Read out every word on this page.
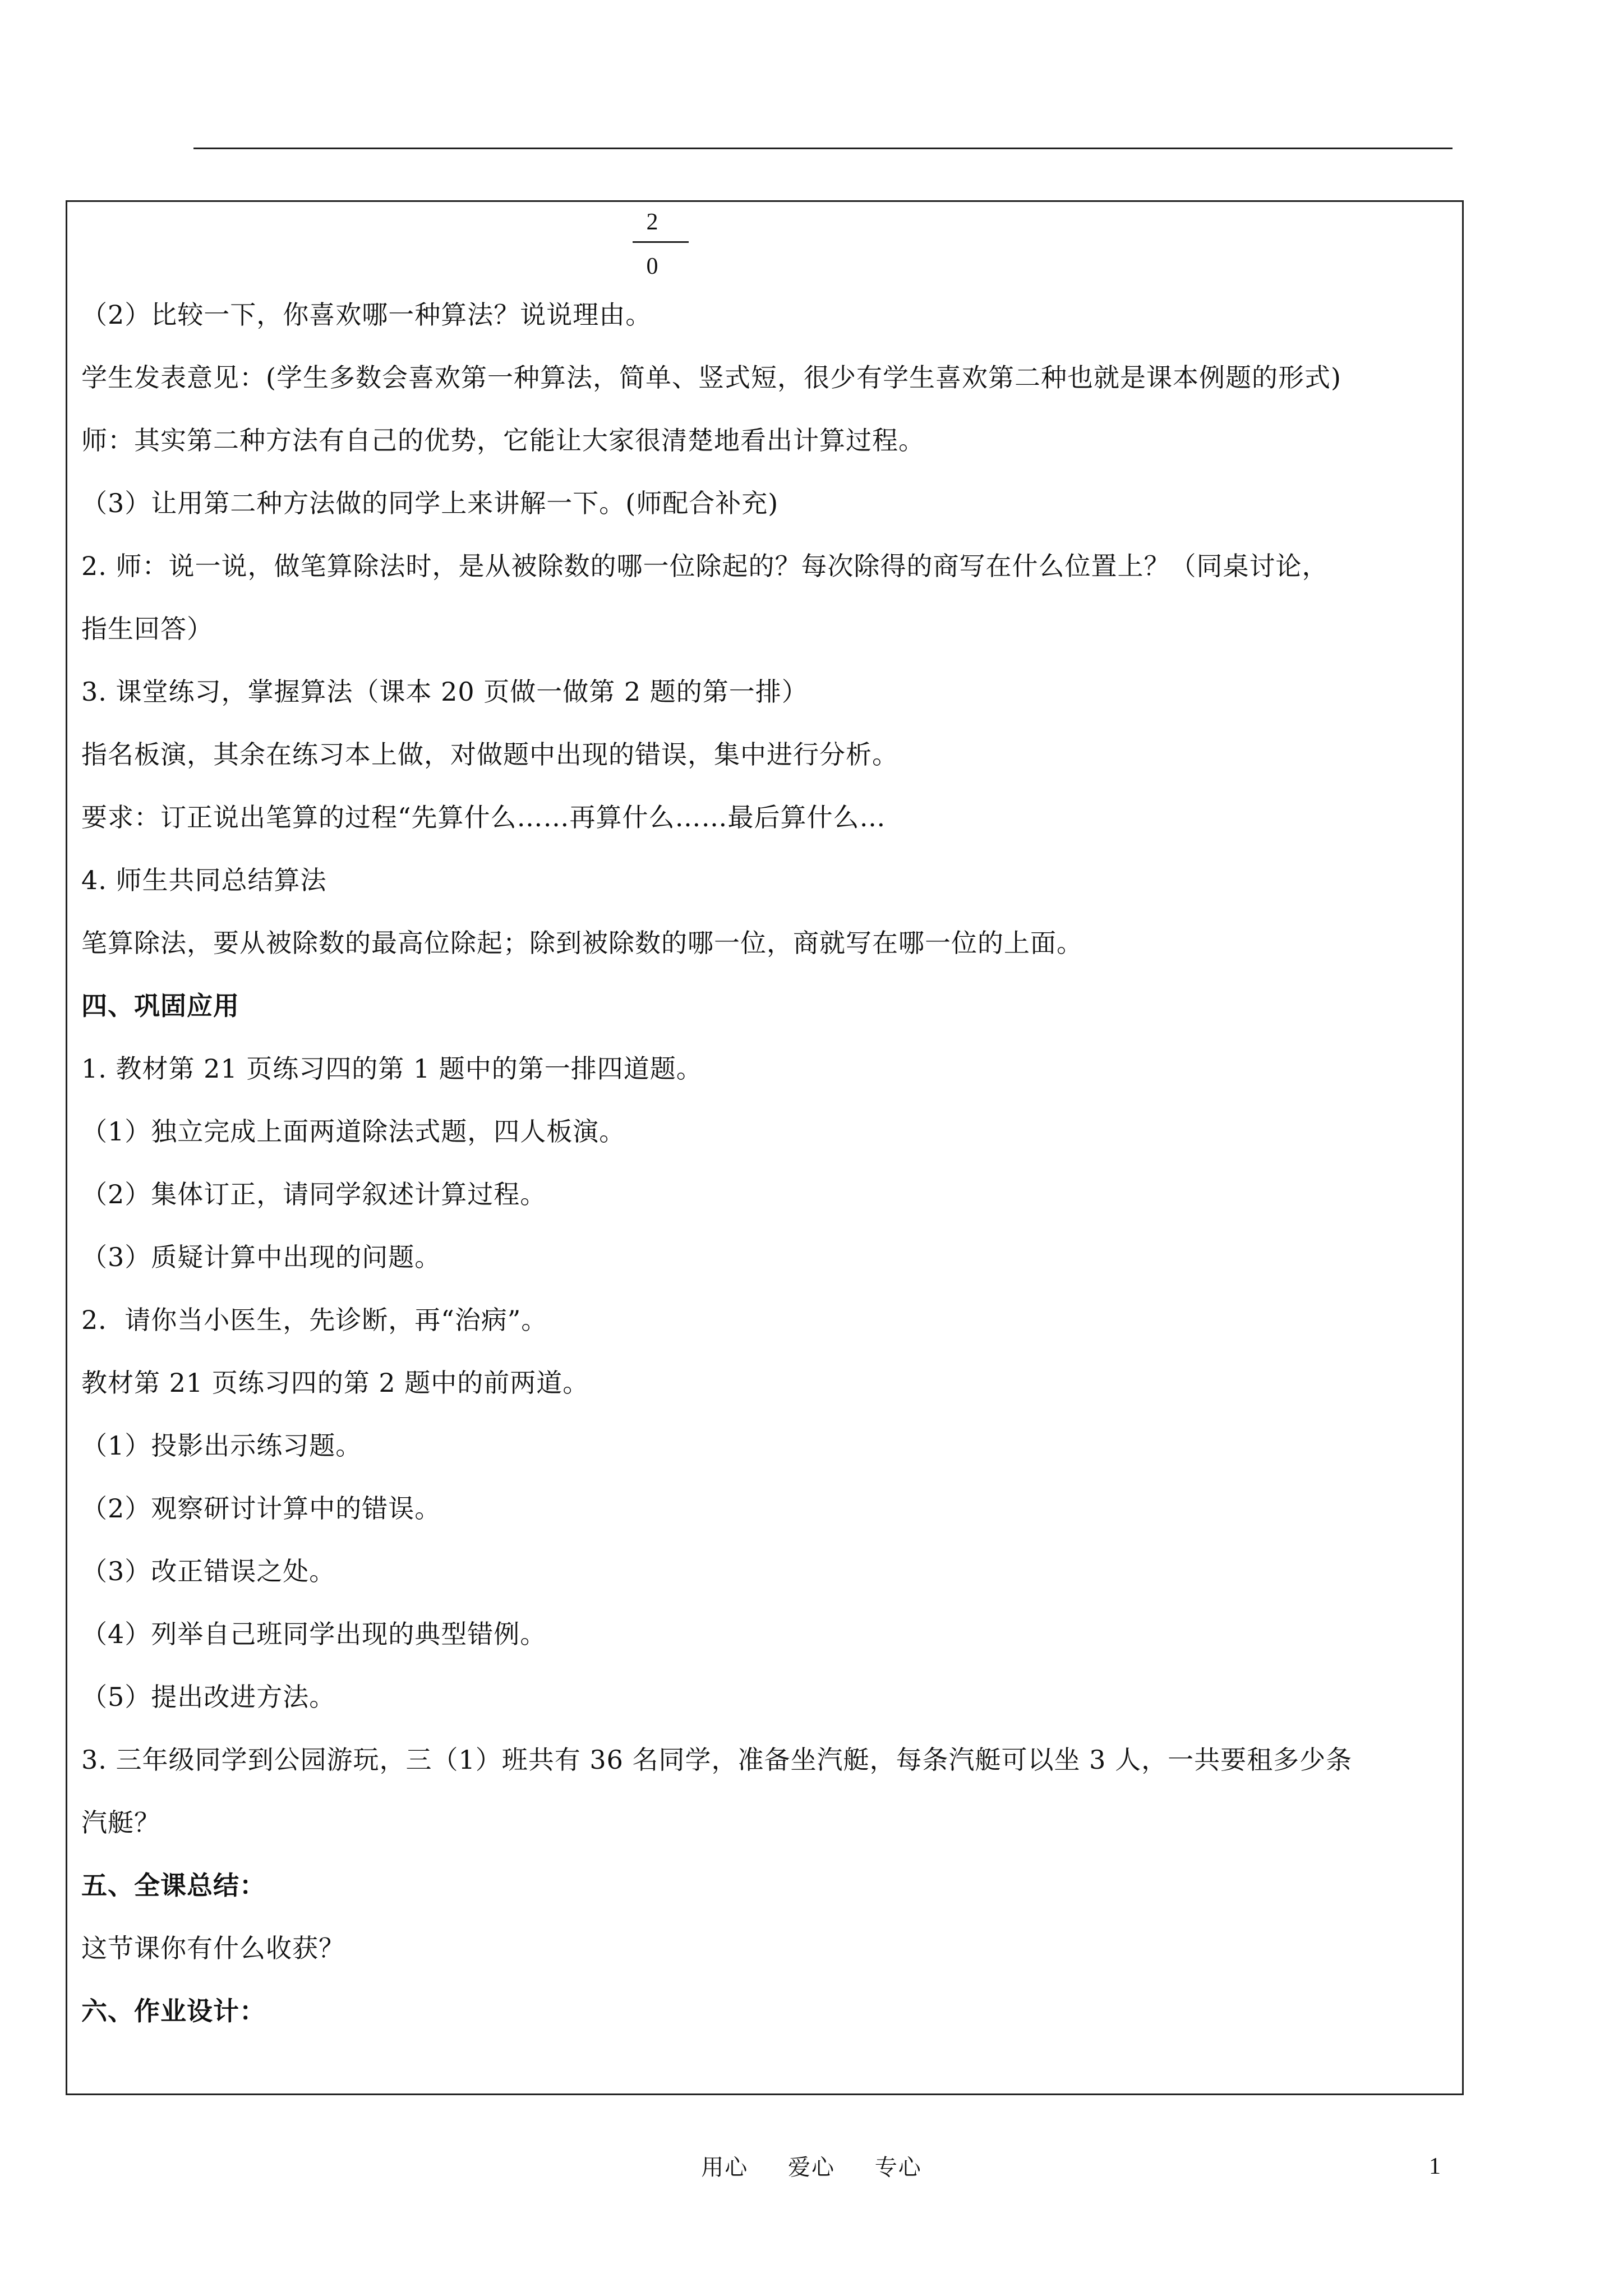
2
0
（2）比较一下，你喜欢哪一种算法？说说理由。
学生发表意见：(学生多数会喜欢第一种算法，简单、竖式短，很少有学生喜欢第二种也就是课本例题的形式)
师：其实第二种方法有自己的优势，它能让大家很清楚地看出计算过程。
（3）让用第二种方法做的同学上来讲解一下。(师配合补充)
2. 师：说一说，做笔算除法时，是从被除数的哪一位除起的？每次除得的商写在什么位置上？（同桌讨论，
指生回答）
3. 课堂练习，掌握算法（课本 20 页做一做第 2 题的第一排）
指名板演，其余在练习本上做，对做题中出现的错误，集中进行分析。
要求：订正说出笔算的过程“先算什么……再算什么……最后算什么…
4. 师生共同总结算法
笔算除法，要从被除数的最高位除起；除到被除数的哪一位，商就写在哪一位的上面。
四、巩固应用
1. 教材第 21 页练习四的第 1 题中的第一排四道题。
（1）独立完成上面两道除法式题，四人板演。
（2）集体订正，请同学叙述计算过程。
（3）质疑计算中出现的问题。
2．请你当小医生，先诊断，再“治病”。
教材第 21 页练习四的第 2 题中的前两道。
（1）投影出示练习题。
（2）观察研讨计算中的错误。
（3）改正错误之处。
（4）列举自己班同学出现的典型错例。
（5）提出改进方法。
3. 三年级同学到公园游玩，三（1）班共有 36 名同学，准备坐汽艇，每条汽艇可以坐 3 人，一共要租多少条
汽艇？
五、全课总结：
这节课你有什么收获？
六、作业设计：
用心 爱心 专心	1
